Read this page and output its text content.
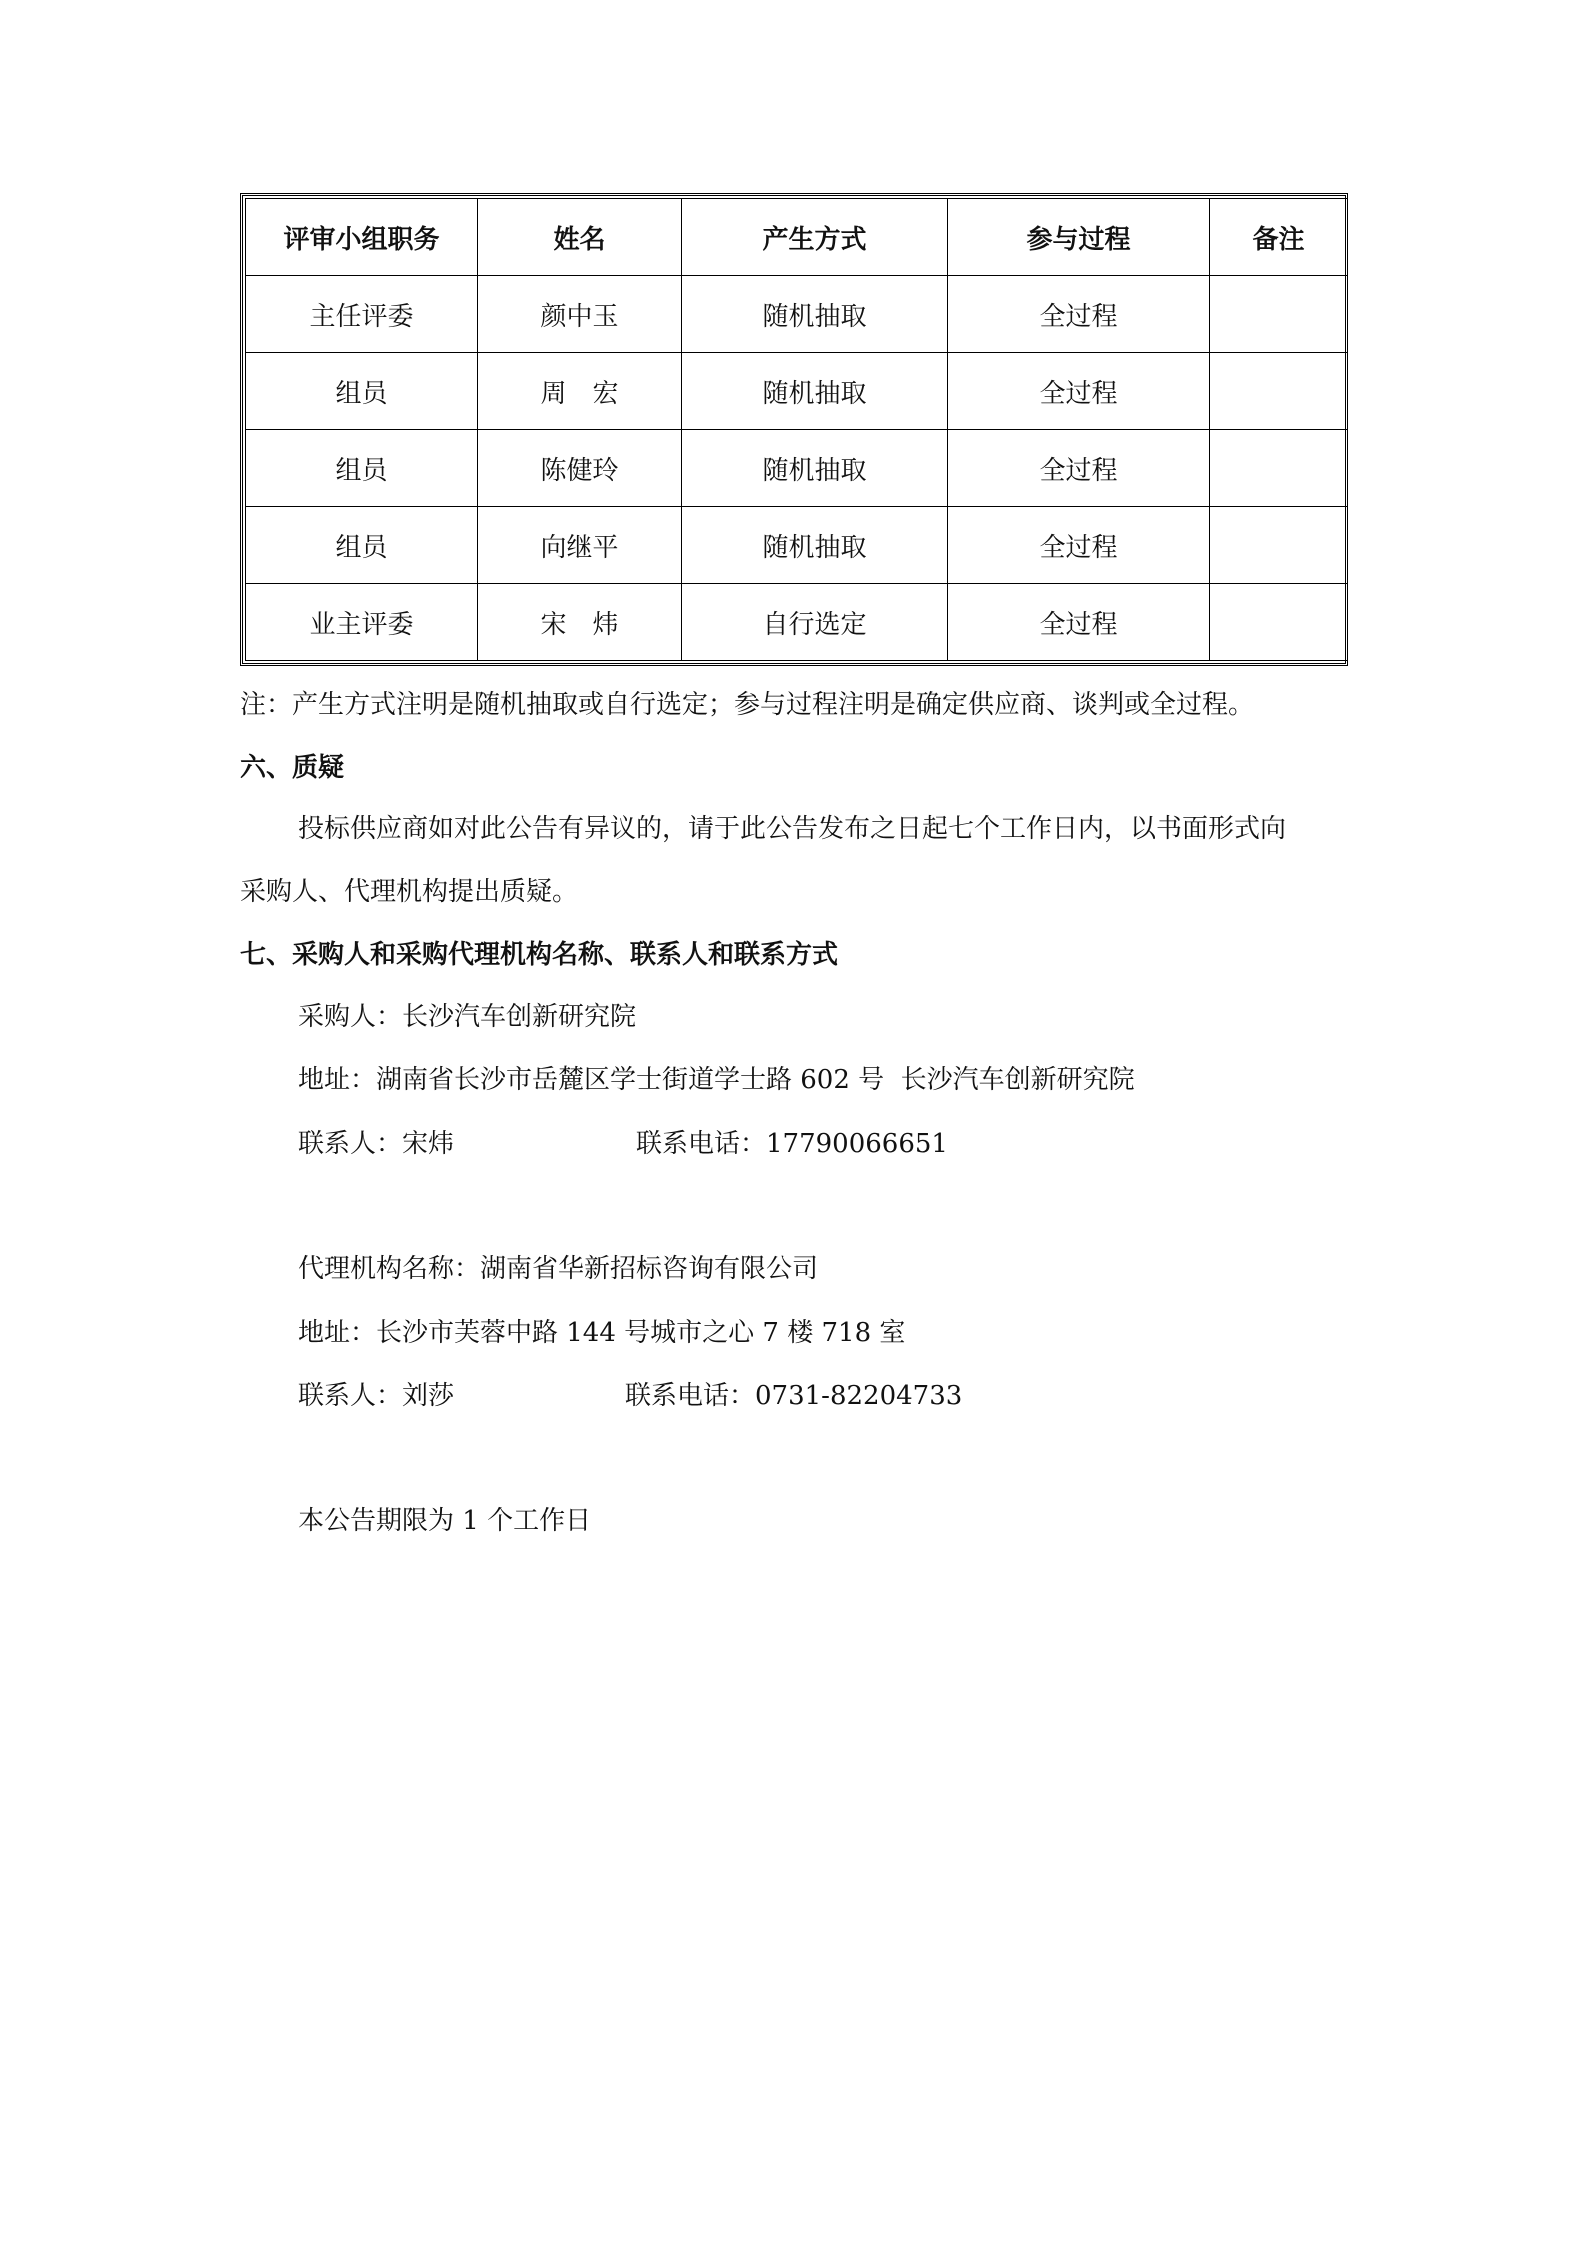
评审小组职务	姓名	产生方式	参与过程	备注
主任评委	颜中玉	随机抽取	全过程	
组员	周　宏	随机抽取	全过程	
组员	陈健玲	随机抽取	全过程	
组员	向继平	随机抽取	全过程	
业主评委	宋　炜	自行选定	全过程	
注：产生方式注明是随机抽取或自行选定；参与过程注明是确定供应商、谈判或全过程。
六、质疑
投标供应商如对此公告有异议的，请于此公告发布之日起七个工作日内，以书面形式向
采购人、代理机构提出质疑。
七、采购人和采购代理机构名称、联系人和联系方式
采购人：长沙汽车创新研究院
地址：湖南省长沙市岳麓区学士街道学士路 602 号  长沙汽车创新研究院
联系人：宋炜	联系电话：17790066651
代理机构名称：湖南省华新招标咨询有限公司
地址：长沙市芙蓉中路 144 号城市之心 7 楼 718 室
联系人：刘莎	联系电话：0731-82204733
本公告期限为 1 个工作日
